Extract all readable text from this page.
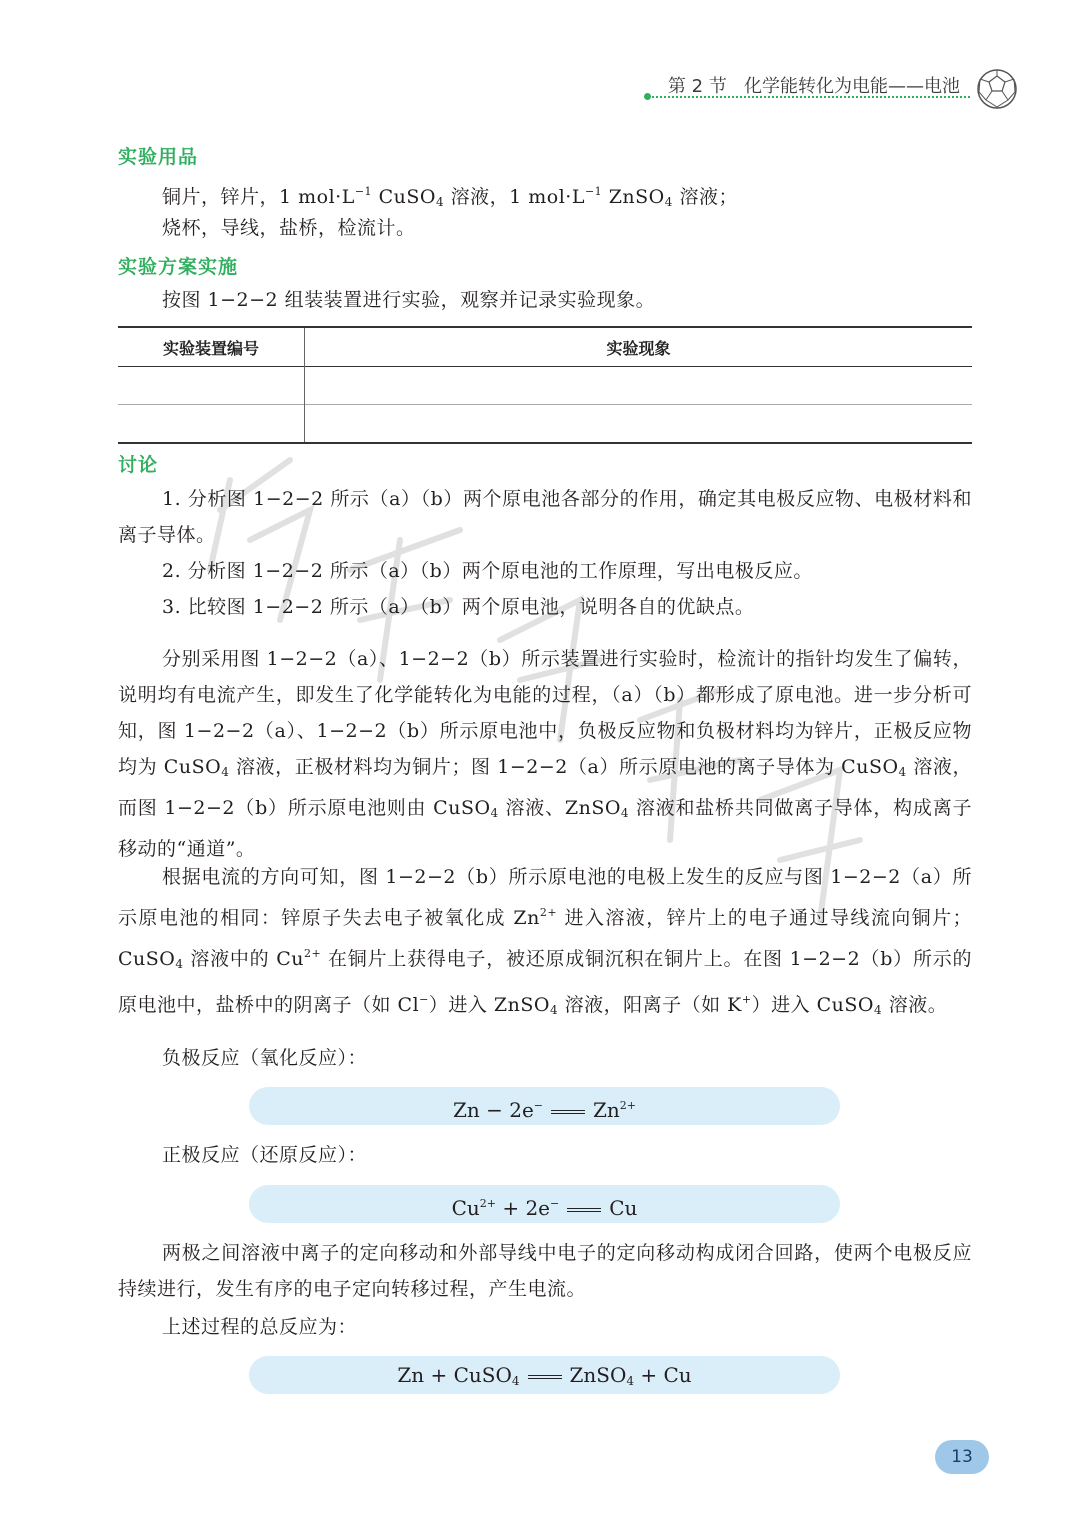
第 2 节 化学能转化为电能——电池
实验用品
铜片，锌片，1 $mol\cdot L^{-1}$ CuSO$_4$ 溶液，1 $mol\cdot L^{-1}$ ZnSO$_4$ 溶液；
烧杯，导线，盐桥，检流计。
实验方案实施
按图 1−2−2 组装装置进行实验，观察并记录实验现象。
实验装置编号	实验现象

讨论
1. 分析图 1−2−2 所示（a）（b）两个原电池各部分的作用，确定其电极反应物、电极材料和离子导体。
2. 分析图 1−2−2 所示（a）（b）两个原电池的工作原理，写出电极反应。
3. 比较图 1−2−2 所示（a）（b）两个原电池，说明各自的优缺点。
分别采用图 1−2−2（a）、1−2−2（b）所示装置进行实验时，检流计的指针均发生了偏转，说明均有电流产生，即发生了化学能转化为电能的过程，（a）（b）都形成了原电池。进一步分析可知，图 1−2−2（a）、1−2−2（b）所示原电池中，负极反应物和负极材料均为锌片，正极反应物均为 CuSO$_4$ 溶液，正极材料均为铜片；图 1−2−2（a）所示原电池的离子导体为 CuSO$_4$ 溶液，而图 1−2−2（b）所示原电池则由 CuSO$_4$ 溶液、ZnSO$_4$ 溶液和盐桥共同做离子导体，构成离子移动的“通道”。
根据电流的方向可知，图 1−2−2（b）所示原电池的电极上发生的反应与图 1−2−2（a）所示原电池的相同：锌原子失去电子被氧化成 $Zn^{2+}$ 进入溶液，锌片上的电子通过导线流向铜片；CuSO$_4$ 溶液中的 $Cu^{2+}$ 在铜片上获得电子，被还原成铜沉积在铜片上。在图 1−2−2（b）所示的原电池中，盐桥中的阴离子（如 Cl−）进入 ZnSO$_4$ 溶液，阳离子（如 K+）进入 CuSO$_4$ 溶液。
负极反应（氧化反应）：
正极反应（还原反应）：
两极之间溶液中离子的定向移动和外部导线中电子的定向移动构成闭合回路，使两个电极反应持续进行，发生有序的电子定向转移过程，产生电流。
上述过程的总反应为：
Zn − 2e−	$Zn^{2+}$
$Cu^{2+} + 2e^-$	Cu
Zn + CuSO$_4$	ZnSO$_4$ + Cu
13
